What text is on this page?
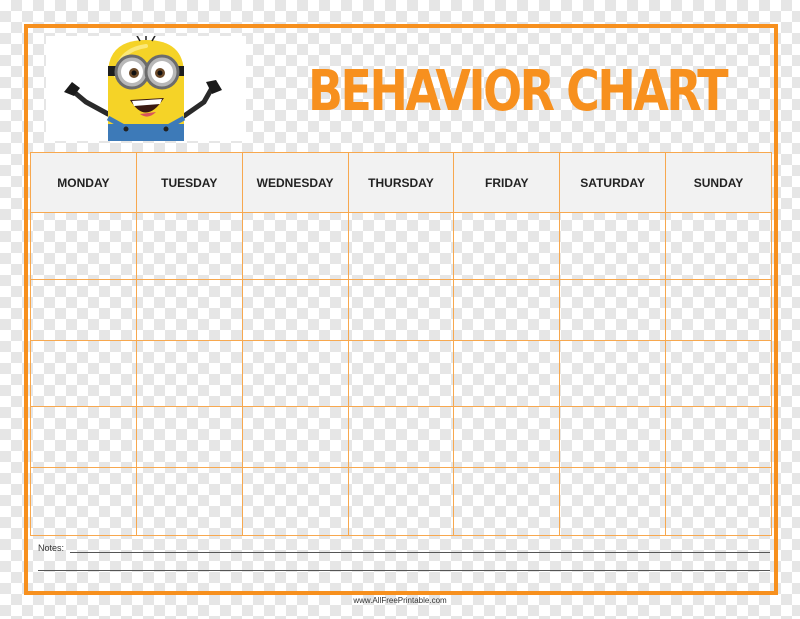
BEHAVIOR CHART
MONDAY	TUESDAY	WEDNESDAY	THURSDAY	FRIDAY	SATURDAY	SUNDAY

Notes:
www.AllFreePrintable.com
